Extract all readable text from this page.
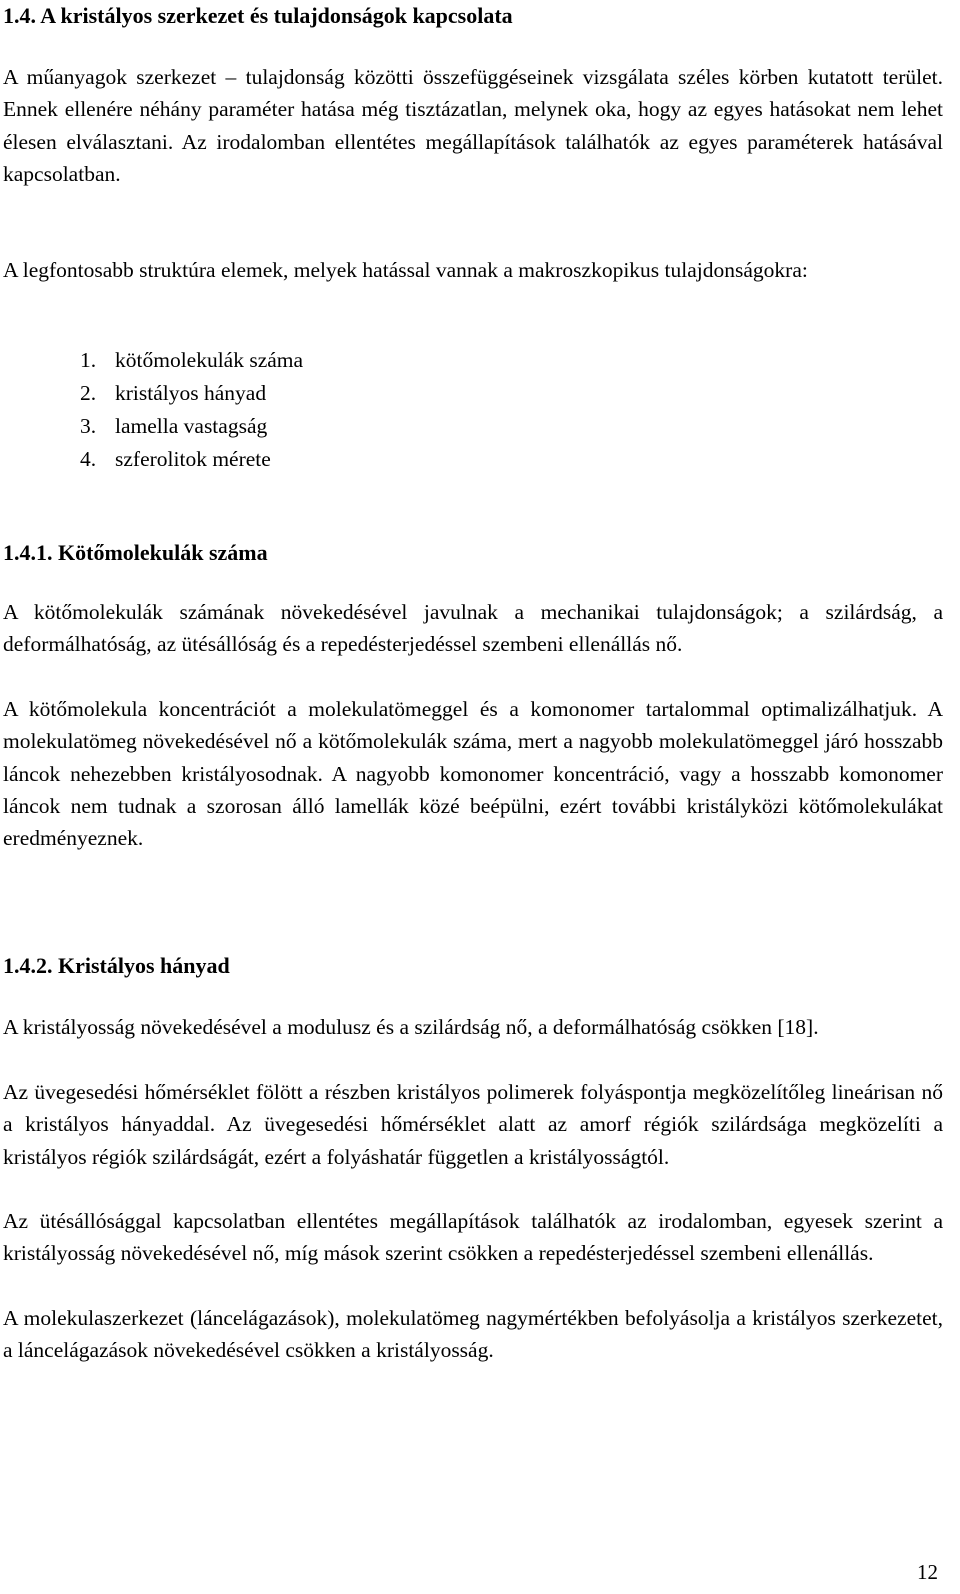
1.4. A kristályos szerkezet és tulajdonságok kapcsolata

A műanyagok szerkezet – tulajdonság közötti összefüggéseinek vizsgálata széles körben kutatott terület. Ennek ellenére néhány paraméter hatása még tisztázatlan, melynek oka, hogy az egyes hatásokat nem lehet élesen elválasztani. Az irodalomban ellentétes megállapítások találhatók az egyes paraméterek hatásával kapcsolatban.

A legfontosabb struktúra elemek, melyek hatással vannak a makroszkopikus tulajdonságokra:

1. kötőmolekulák száma
2. kristályos hányad
3. lamella vastagság
4. szferolitok mérete
1.4.1. Kötőmolekulák száma

A kötőmolekulák számának növekedésével javulnak a mechanikai tulajdonságok; a szilárdság, a deformálhatóság, az ütésállóság és a repedésterjedéssel szembeni ellenállás nő.

A kötőmolekula koncentrációt a molekulatömeggel és a komonomer tartalommal optimalizálhatjuk. A molekulatömeg növekedésével nő a kötőmolekulák száma, mert a nagyobb molekulatömeggel járó hosszabb láncok nehezebben kristályosodnak. A nagyobb komonomer koncentráció, vagy a hosszabb komonomer láncok nem tudnak a szorosan álló lamellák közé beépülni, ezért további kristályközi kötőmolekulákat eredményeznek.

1.4.2. Kristályos hányad

A kristályosság növekedésével a modulusz és a szilárdság nő, a deformálhatóság csökken [18].

Az üvegesedési hőmérséklet fölött a részben kristályos polimerek folyáspontja megközelítőleg lineárisan nő a kristályos hányaddal. Az üvegesedési hőmérséklet alatt az amorf régiók szilárdsága megközelíti a kristályos régiók szilárdságát, ezért a folyáshatár független a kristályosságtól.

Az ütésállósággal kapcsolatban ellentétes megállapítások találhatók az irodalomban, egyesek szerint a kristályosság növekedésével nő, míg mások szerint csökken a repedésterjedéssel szembeni ellenállás.

A molekulaszerkezet (láncelágazások), molekulatömeg nagymértékben befolyásolja a kristályos szerkezetet, a láncelágazások növekedésével csökken a kristályosság.

12
